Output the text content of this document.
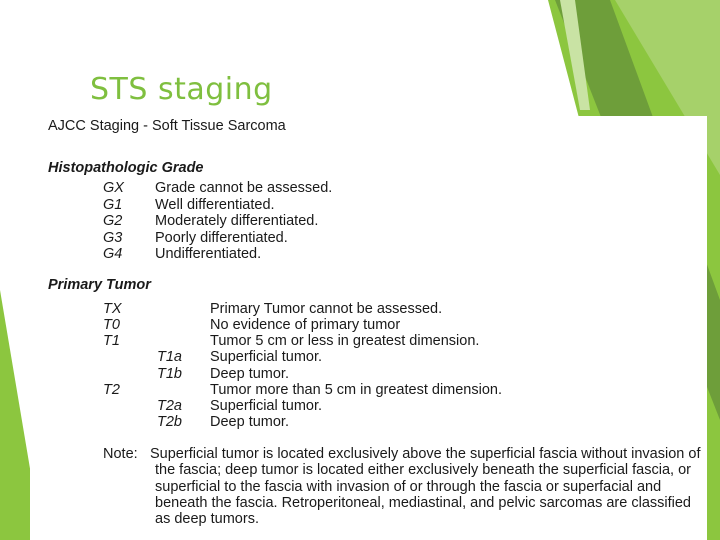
STS staging
AJCC Staging - Soft Tissue Sarcoma
Histopathologic Grade
GX Grade cannot be assessed.
G1 Well differentiated.
G2 Moderately differentiated.
G3 Poorly differentiated.
G4 Undifferentiated.
Primary Tumor
TX	Primary Tumor cannot be assessed.
T0	No evidence of primary tumor
T1	Tumor 5 cm or less in greatest dimension.
T1a Superficial tumor.
T1b Deep tumor.
T2	Tumor more than 5 cm in greatest dimension.
T2a Superficial tumor.
T2b Deep tumor.
Note: Superficial tumor is located exclusively above the superficial fascia without invasion of the fascia; deep tumor is located either exclusively beneath the superficial fascia, or superficial to the fascia with invasion of or through the fascia or superfacial and beneath the fascia. Retroperitoneal, mediastinal, and pelvic sarcomas are classified as deep tumors.
